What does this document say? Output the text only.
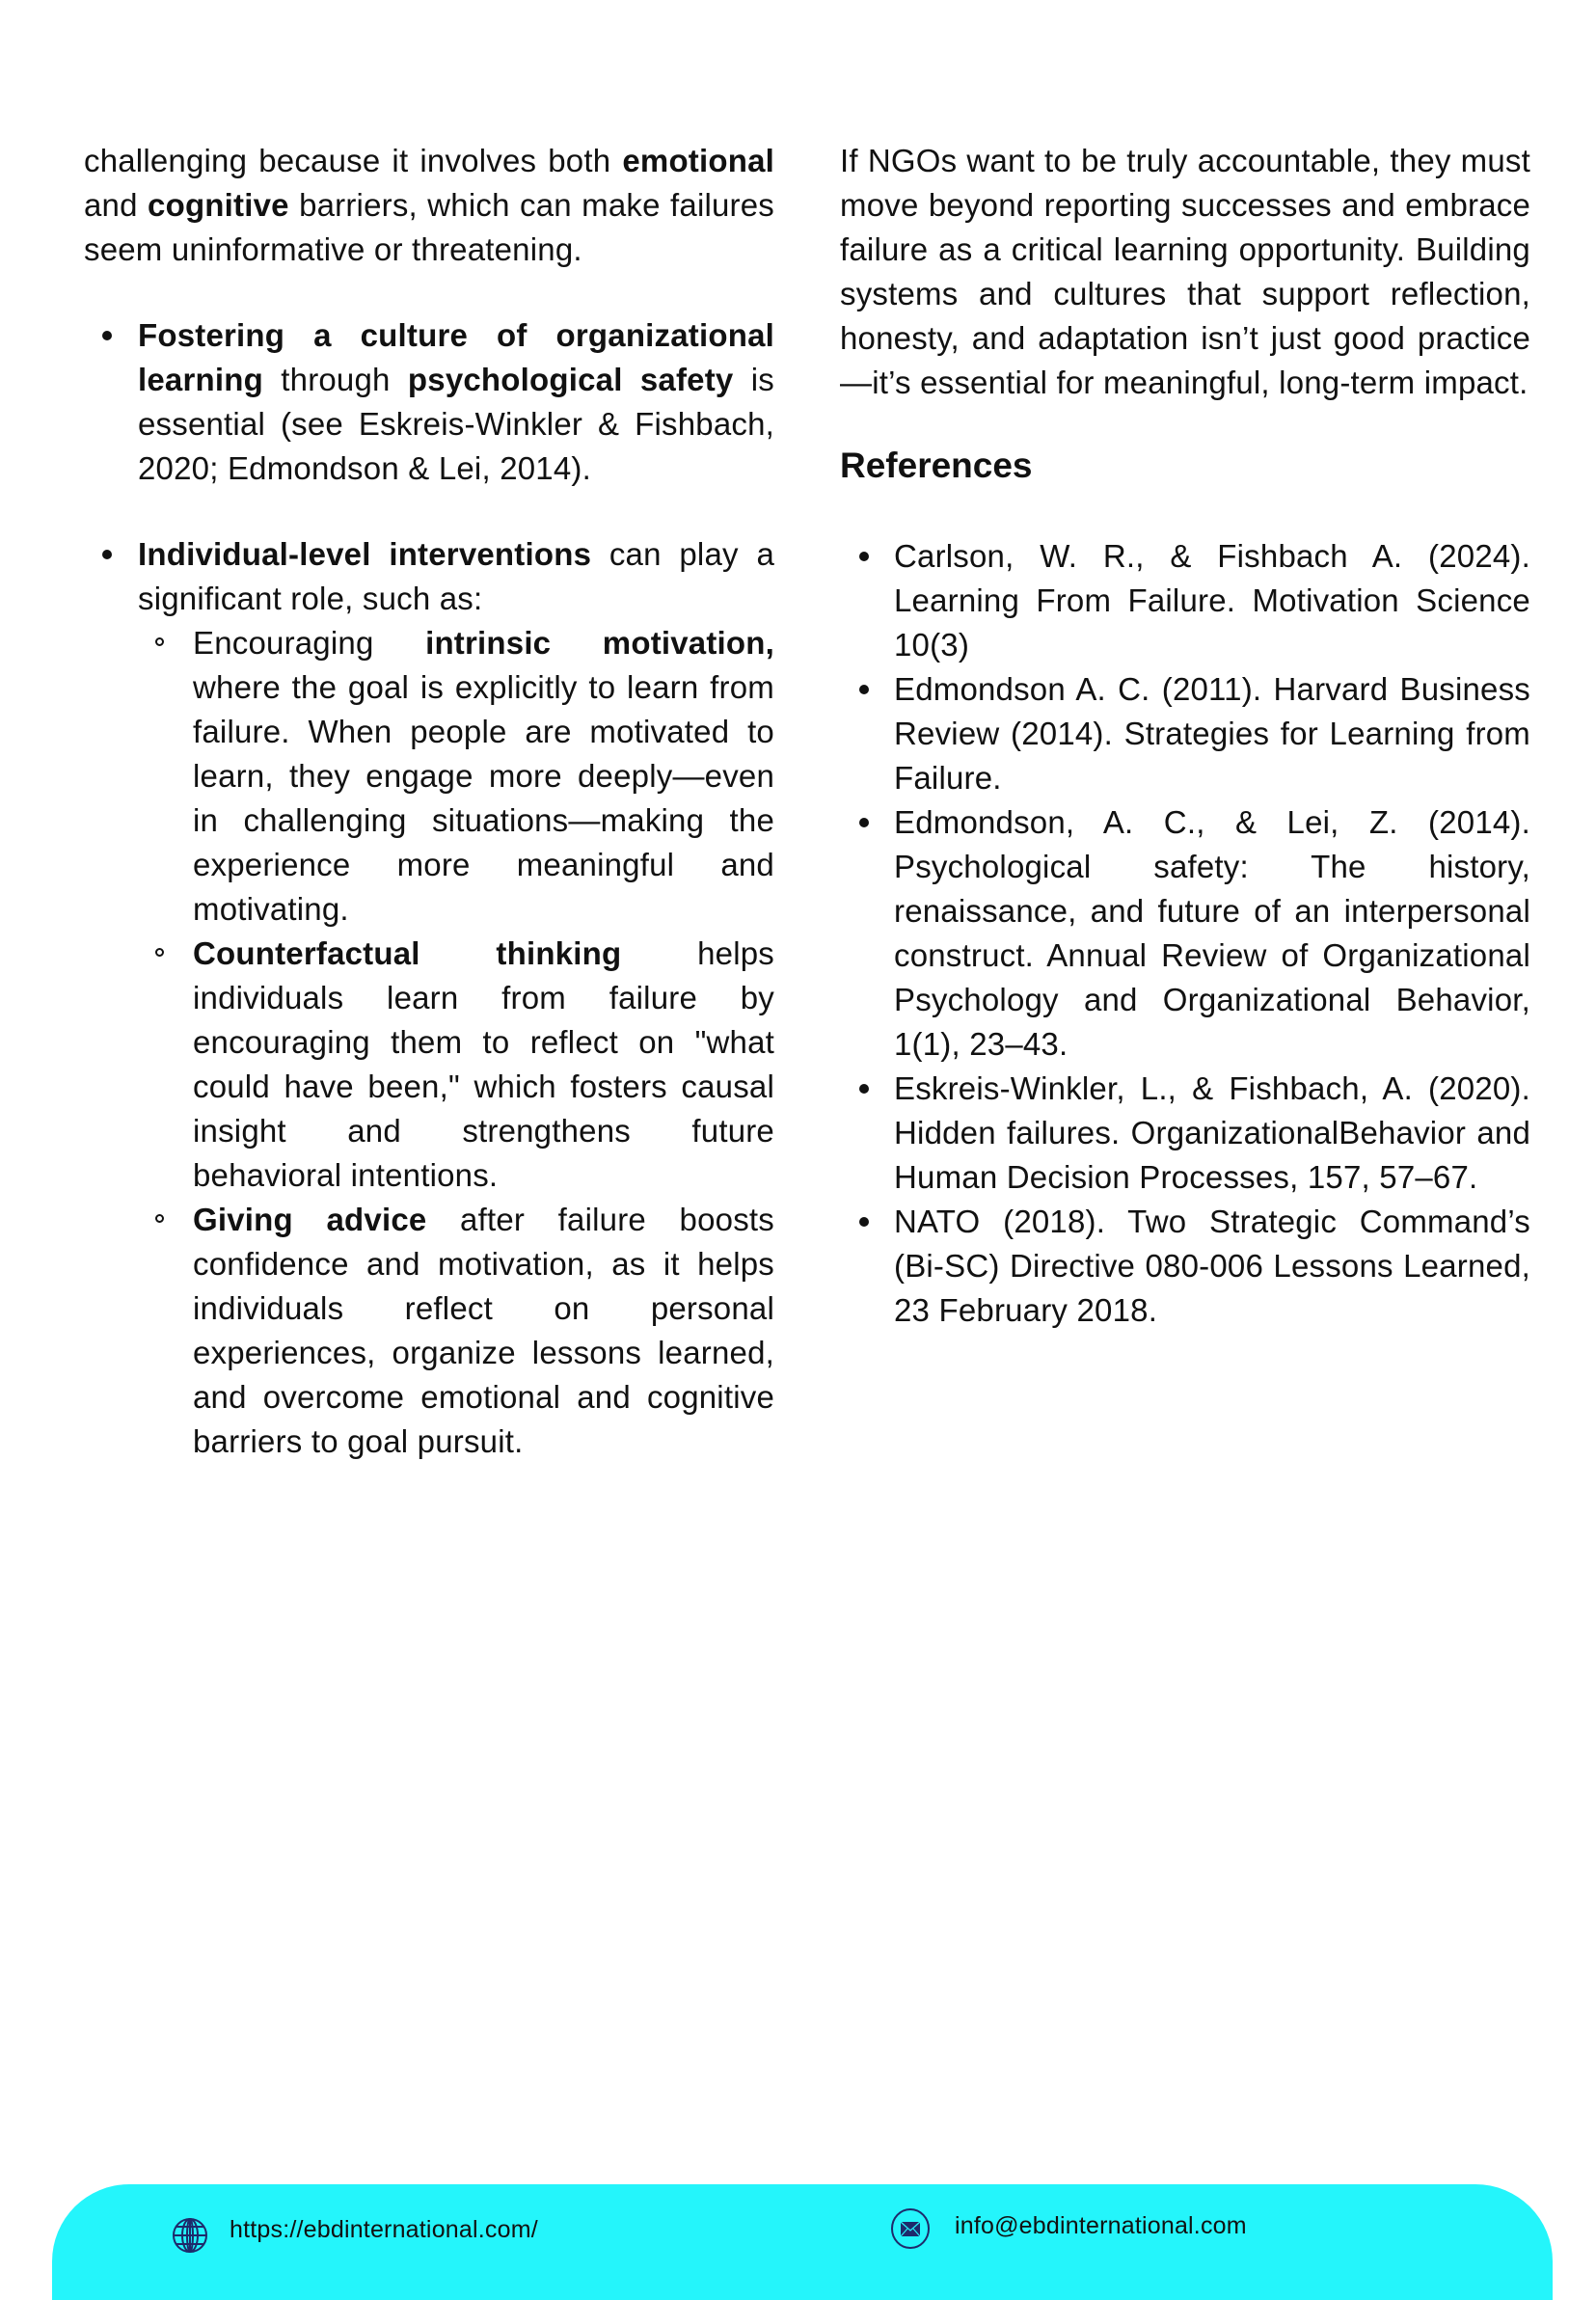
challenging because it involves both emotional and cognitive barriers, which can make failures seem uninformative or threatening.

Fostering a culture of organizational learning through psychological safety is essential (see Eskreis-Winkler & Fishbach, 2020; Edmondson & Lei, 2014).
Individual-level interventions can play a significant role, such as:
Encouraging intrinsic motivation, where the goal is explicitly to learn from failure. When people are motivated to learn, they engage more deeply—even in challenging situations—making the experience more meaningful and motivating.
Counterfactual thinking helps individuals learn from failure by encouraging them to reflect on "what could have been," which fosters causal insight and strengthens future behavioral intentions.
Giving advice after failure boosts confidence and motivation, as it helps individuals reflect on personal experiences, organize lessons learned, and overcome emotional and cognitive barriers to goal pursuit.

If NGOs want to be truly accountable, they must move beyond reporting successes and embrace failure as a critical learning opportunity. Building systems and cultures that support reflection, honesty, and adaptation isn’t just good practice—it’s essential for meaningful, long-term impact.

References
Carlson, W. R., & Fishbach A. (2024). Learning From Failure. Motivation Science 10(3)
Edmondson A. C. (2011). Harvard Business Review (2014). Strategies for Learning from Failure.
Edmondson, A. C., & Lei, Z. (2014). Psychological safety: The history, renaissance, and future of an interpersonal construct. Annual Review of Organizational Psychology and Organizational Behavior, 1(1), 23–43.
Eskreis-Winkler, L., & Fishbach, A. (2020). Hidden failures. OrganizationalBehavior and Human Decision Processes, 157, 57–67.
NATO (2018). Two Strategic Command’s (Bi-SC) Directive 080-006 Lessons Learned, 23 February 2018.
https://ebdinternational.com/	info@ebdinternational.com
